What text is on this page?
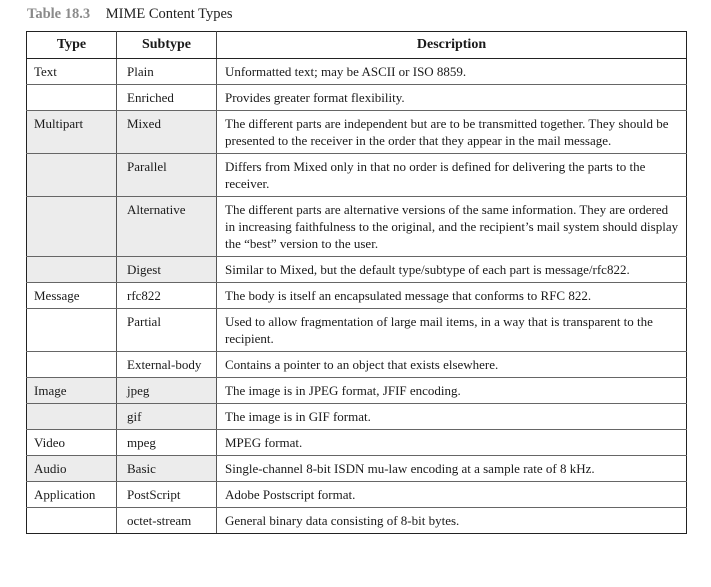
Table 18.3 MIME Content Types
Type	Subtype	Description
Text	Plain	Unformatted text; may be ASCII or ISO 8859.
	Enriched	Provides greater format flexibility.
Multipart	Mixed	The different parts are independent but are to be transmitted together. They should be presented to the receiver in the order that they appear in the mail message.
	Parallel	Differs from Mixed only in that no order is defined for delivering the parts to the receiver.
	Alternative	The different parts are alternative versions of the same information. They are ordered in increasing faithfulness to the original, and the recipient’s mail system should display the “best” version to the user.
	Digest	Similar to Mixed, but the default type/subtype of each part is message/rfc822.
Message	rfc822	The body is itself an encapsulated message that conforms to RFC 822.
	Partial	Used to allow fragmentation of large mail items, in a way that is transparent to the recipient.
	External-body	Contains a pointer to an object that exists elsewhere.
Image	jpeg	The image is in JPEG format, JFIF encoding.
	gif	The image is in GIF format.
Video	mpeg	MPEG format.
Audio	Basic	Single-channel 8-bit ISDN mu-law encoding at a sample rate of 8 kHz.
Application	PostScript	Adobe Postscript format.
	octet-stream	General binary data consisting of 8-bit bytes.
